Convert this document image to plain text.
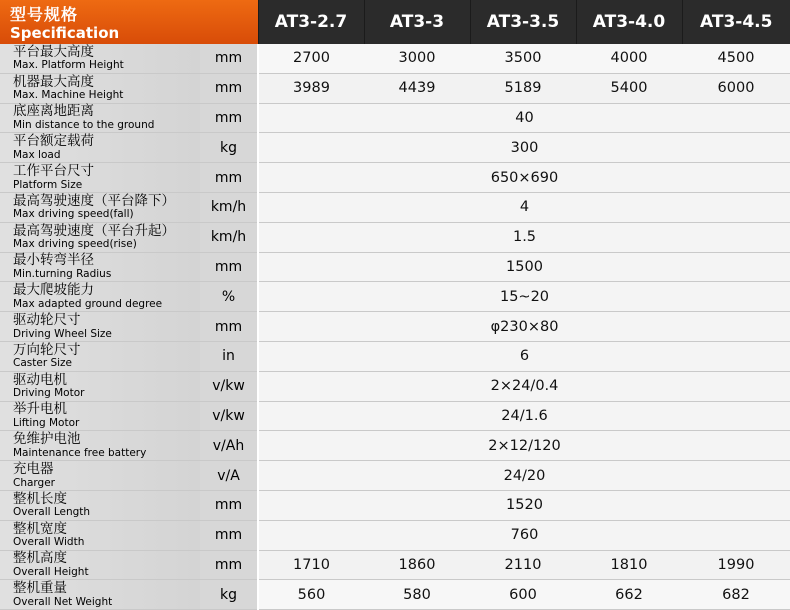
型号规格
Specification		AT3-2.7	AT3-3	AT3-3.5	AT3-4.0	AT3-4.5

平台最大高度
Max. Platform Height	mm	2700	3000	3500	4000	4500

机器最大高度
Max. Machine Height	mm	3989	4439	5189	5400	6000

底座离地距离
Min distance to the ground	mm	40				

平台额定载荷
Max load	kg	300				

工作平台尺寸
Platform Size	mm	650×690				

最高驾驶速度（平台降下）
Max driving speed(fall)	km/h	4				

最高驾驶速度（平台升起）
Max driving speed(rise)	km/h	1.5				

最小转弯半径
Min.turning Radius	mm	1500				

最大爬坡能力
Max adapted ground degree	%	15~20				

驱动轮尺寸
Driving Wheel Size	mm	φ230×80				

万向轮尺寸
Caster Size	in	6				

驱动电机
Driving Motor	v/kw	2×24/0.4				

举升电机
Lifting Motor	v/kw	24/1.6				

免维护电池
Maintenance free battery	v/Ah	2×12/120				

充电器
Charger	v/A	24/20				

整机长度
Overall Length	mm	1520				

整机宽度
Overall Width	mm	760				

整机高度
Overall Height	mm	1710	1860	2110	1810	1990

整机重量
Overall Net Weight	kg	560	580	600	662	682
